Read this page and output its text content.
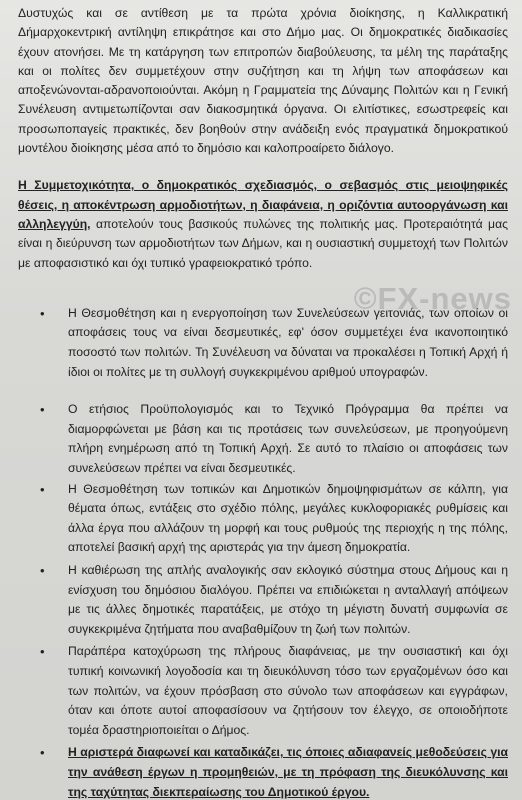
Δυστυχώς και σε αντίθεση με τα πρώτα χρόνια διοίκησης, η Καλλικρατική Δήμαρχοκεντρική αντίληψη επικράτησε και στο Δήμο μας. Οι δημοκρατικές διαδικασίες έχουν ατονήσει. Με τη κατάργηση των επιτροπών διαβούλευσης, τα μέλη της παράταξης και οι πολίτες δεν συμμετέχουν στην συζήτηση και τη λήψη των αποφάσεων και αποξενώνονται-αδρανοποιούνται. Ακόμη η Γραμματεία της Δύναμης Πολιτών και η Γενική Συνέλευση αντιμετωπίζονται σαν διακοσμητικά όργανα. Οι ελιτίστικες, εσωστρεφείς και προσωποπαγείς πρακτικές, δεν βοηθούν στην ανάδειξη ενός πραγματικά δημοκρατικού μοντέλου διοίκησης μέσα από το δημόσιο και καλοπροαίρετο διάλογο.

Η Συμμετοχικότητα, ο δημοκρατικός σχεδιασμός, ο σεβασμός στις μειοψηφικές θέσεις, η αποκέντρωση αρμοδιοτήτων, η διαφάνεια, η οριζόντια αυτοοργάνωση και αλληλεγγύη, αποτελούν τους βασικούς πυλώνες της πολιτικής μας. Προτεραιότητά μας είναι η διεύρυνση των αρμοδιοτήτων των Δήμων, και η ουσιαστική συμμετοχή των Πολιτών με αποφασιστικό και όχι τυπικό γραφειοκρατικό τρόπο.

• Η Θεσμοθέτηση και η ενεργοποίηση των Συνελεύσεων γειτονιάς, των οποίων οι αποφάσεις τους να είναι δεσμευτικές, εφ' όσον συμμετέχει ένα ικανοποιητικό ποσοστό των πολιτών. Τη Συνέλευση να δύναται να προκαλέσει η Τοπική Αρχή ή ίδιοι οι πολίτες με τη συλλογή συγκεκριμένου αριθμού υπογραφών.
• Ο ετήσιος Προϋπολογισμός και το Τεχνικό Πρόγραμμα θα πρέπει να διαμορφώνεται με βάση και τις προτάσεις των συνελεύσεων, με προηγούμενη πλήρη ενημέρωση από τη Τοπική Αρχή. Σε αυτό το πλαίσιο οι αποφάσεις των συνελεύσεων πρέπει να είναι δεσμευτικές.
• Η Θεσμοθέτηση των τοπικών και Δημοτικών δημοψηφισμάτων σε κάλπη, για θέματα όπως, εντάξεις στο σχέδιο πόλης, μεγάλες κυκλοφοριακές ρυθμίσεις και άλλα έργα που αλλάζουν τη μορφή και τους ρυθμούς της περιοχής η της πόλης, αποτελεί βασική αρχή της αριστεράς για την άμεση δημοκρατία.
• Η καθιέρωση της απλής αναλογικής σαν εκλογικό σύστημα στους Δήμους και η ενίσχυση του δημόσιου διαλόγου. Πρέπει να επιδιώκεται η ανταλλαγή απόψεων με τις άλλες δημοτικές παρατάξεις, με στόχο τη μέγιστη δυνατή συμφωνία σε συγκεκριμένα ζητήματα που αναβαθμίζουν τη ζωή των πολιτών.
• Παράπέρα κατοχύρωση της πλήρους διαφάνειας, με την ουσιαστική και όχι τυπική κοινωνική λογοδοσία και τη διευκόλυνση τόσο των εργαζομένων όσο και των πολιτών, να έχουν πρόσβαση στο σύνολο των αποφάσεων και εγγράφων, όταν και όποτε αυτοί αποφασίσουν να ζητήσουν τον έλεγχο, σε οποιοδήποτε τομέα δραστηριοποιείται ο Δήμος.
• Η αριστερά διαφωνεί και καταδικάζει, τις όποιες αδιαφανείς μεθοδεύσεις για την ανάθεση έργων η προμηθειών, με τη πρόφαση της διευκόλυνσης και της ταχύτητας διεκπεραίωσης του Δημοτικού έργου.
©FX-news
